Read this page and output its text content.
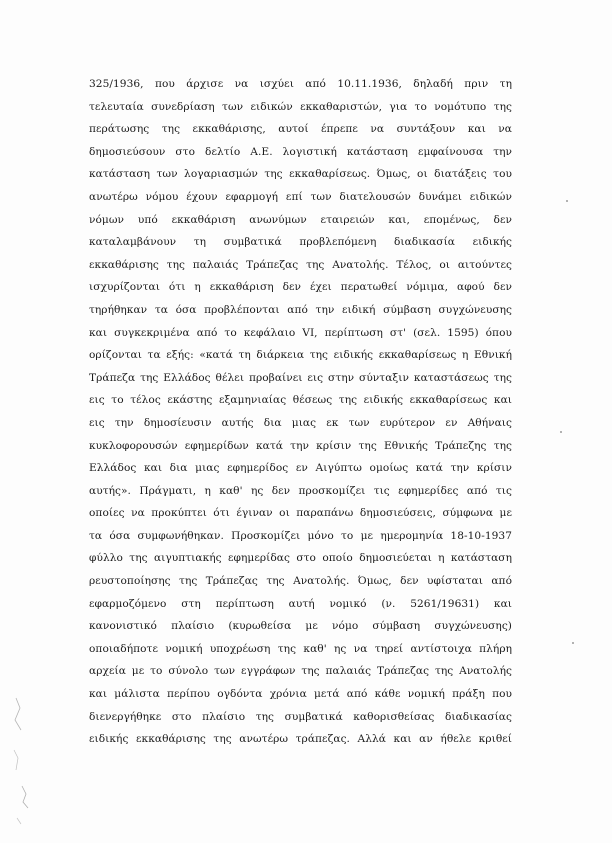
325/1936, που άρχισε να ισχύει από 10.11.1936, δηλαδή πριν τη
τελευταία συνεδρίαση των ειδικών εκκαθαριστών, για το νομότυπο της
περάτωσης της εκκαθάρισης, αυτοί έπρεπε να συντάξουν και να
δημοσιεύσουν στο δελτίο Α.Ε. λογιστική κατάσταση εμφαίνουσα την
κατάσταση των λογαριασμών της εκκαθαρίσεως. Όμως, οι διατάξεις του
ανωτέρω νόμου έχουν εφαρμογή επί των διατελουσών δυνάμει ειδικών
νόμων υπό εκκαθάριση ανωνύμων εταιρειών και, επομένως, δεν
καταλαμβάνουν τη συμβατικά προβλεπόμενη διαδικασία ειδικής
εκκαθάρισης της παλαιάς Τράπεζας της Ανατολής. Τέλος, οι αιτούντες
ισχυρίζονται ότι η εκκαθάριση δεν έχει περατωθεί νόμιμα, αφού δεν
τηρήθηκαν τα όσα προβλέπονται από την ειδική σύμβαση συγχώνευσης
και συγκεκριμένα από το κεφάλαιο VI, περίπτωση στ' (σελ. 1595) όπου
ορίζονται τα εξής: «κατά τη διάρκεια της ειδικής εκκαθαρίσεως η Εθνική
Τράπεζα της Ελλάδος θέλει προβαίνει εις στην σύνταξιν καταστάσεως της
εις το τέλος εκάστης εξαμηνιαίας θέσεως της ειδικής εκκαθαρίσεως και
εις την δημοσίευσιν αυτής δια μιας εκ των ευρύτερον εν Αθήναις
κυκλοφορουσών εφημερίδων κατά την κρίσιν της Εθνικής Τράπεζης της
Ελλάδος και δια μιας εφημερίδος εν Αιγύπτω ομοίως κατά την κρίσιν
αυτής». Πράγματι, η καθ' ης δεν προσκομίζει τις εφημερίδες από τις
οποίες να προκύπτει ότι έγιναν οι παραπάνω δημοσιεύσεις, σύμφωνα με
τα όσα συμφωνήθηκαν. Προσκομίζει μόνο το με ημερομηνία 18-10-1937
φύλλο της αιγυπτιακής εφημερίδας στο οποίο δημοσιεύεται η κατάσταση
ρευστοποίησης της Τράπεζας της Ανατολής. Όμως, δεν υφίσταται από
εφαρμοζόμενο στη περίπτωση αυτή νομικό (ν. 5261/19631) και
κανονιστικό πλαίσιο (κυρωθείσα με νόμο σύμβαση συγχώνευσης)
οποιαδήποτε νομική υποχρέωση της καθ' ης να τηρεί αντίστοιχα πλήρη
αρχεία με το σύνολο των εγγράφων της παλαιάς Τράπεζας της Ανατολής
και μάλιστα περίπου ογδόντα χρόνια μετά από κάθε νομική πράξη που
διενεργήθηκε στο πλαίσιο της συμβατικά καθορισθείσας διαδικασίας
ειδικής εκκαθάρισης της ανωτέρω τράπεζας. Αλλά και αν ήθελε κριθεί
